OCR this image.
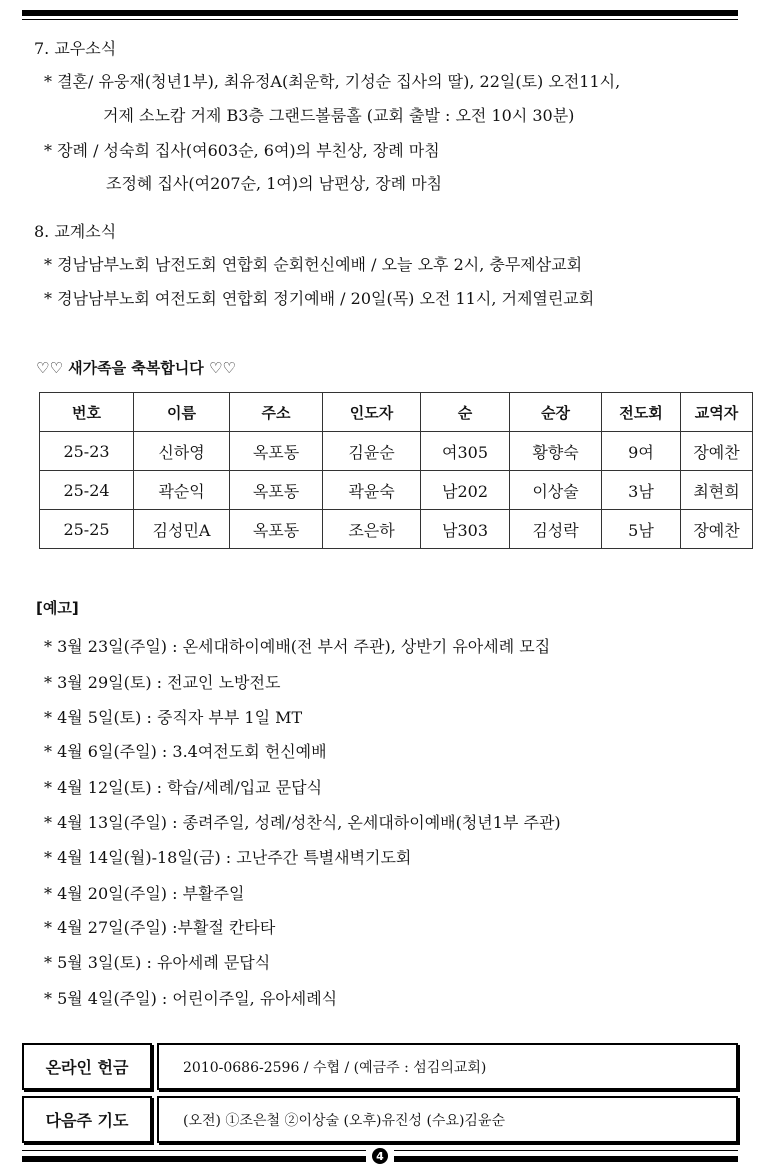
7. 교우소식
* 결혼/ 유웅재(청년1부), 최유정A(최운학, 기성순 집사의 딸), 22일(토) 오전11시,
거제 소노캄 거제 B3층 그랜드볼룸홀 (교회 출발 : 오전 10시 30분)
* 장례 / 성숙희 집사(여603순, 6여)의 부친상, 장례 마침
조정혜 집사(여207순, 1여)의 남편상, 장례 마침
8. 교계소식
* 경남남부노회 남전도회 연합회 순회헌신예배 / 오늘 오후 2시, 충무제삼교회
* 경남남부노회 여전도회 연합회 정기예배 / 20일(목) 오전 11시, 거제열린교회
♡♡ 새가족을 축복합니다 ♡♡
번호	이름	주소	인도자	순	순장	전도회	교역자
25-23	신하영	옥포동	김윤순	여305	황향숙	9여	장예찬
25-24	곽순익	옥포동	곽윤숙	남202	이상술	3남	최현희
25-25	김성민A	옥포동	조은하	남303	김성락	5남	장예찬
[예고]
* 3월 23일(주일) : 온세대하이예배(전 부서 주관), 상반기 유아세례 모집
* 3월 29일(토) : 전교인 노방전도
* 4월 5일(토) : 중직자 부부 1일 MT
* 4월 6일(주일) : 3.4여전도회 헌신예배
* 4월 12일(토) : 학습/세례/입교 문답식
* 4월 13일(주일) : 종려주일, 성례/성찬식, 온세대하이예배(청년1부 주관)
* 4월 14일(월)-18일(금) : 고난주간 특별새벽기도회
* 4월 20일(주일) : 부활주일
* 4월 27일(주일) :부활절 칸타타
* 5월 3일(토) : 유아세례 문답식
* 5월 4일(주일) : 어린이주일, 유아세례식
온라인 헌금	2010-0686-2596 / 수협 / (예금주 : 섬김의교회)
다음주 기도	(오전) ①조은철 ②이상술 (오후)유진성 (수요)김윤순
4
